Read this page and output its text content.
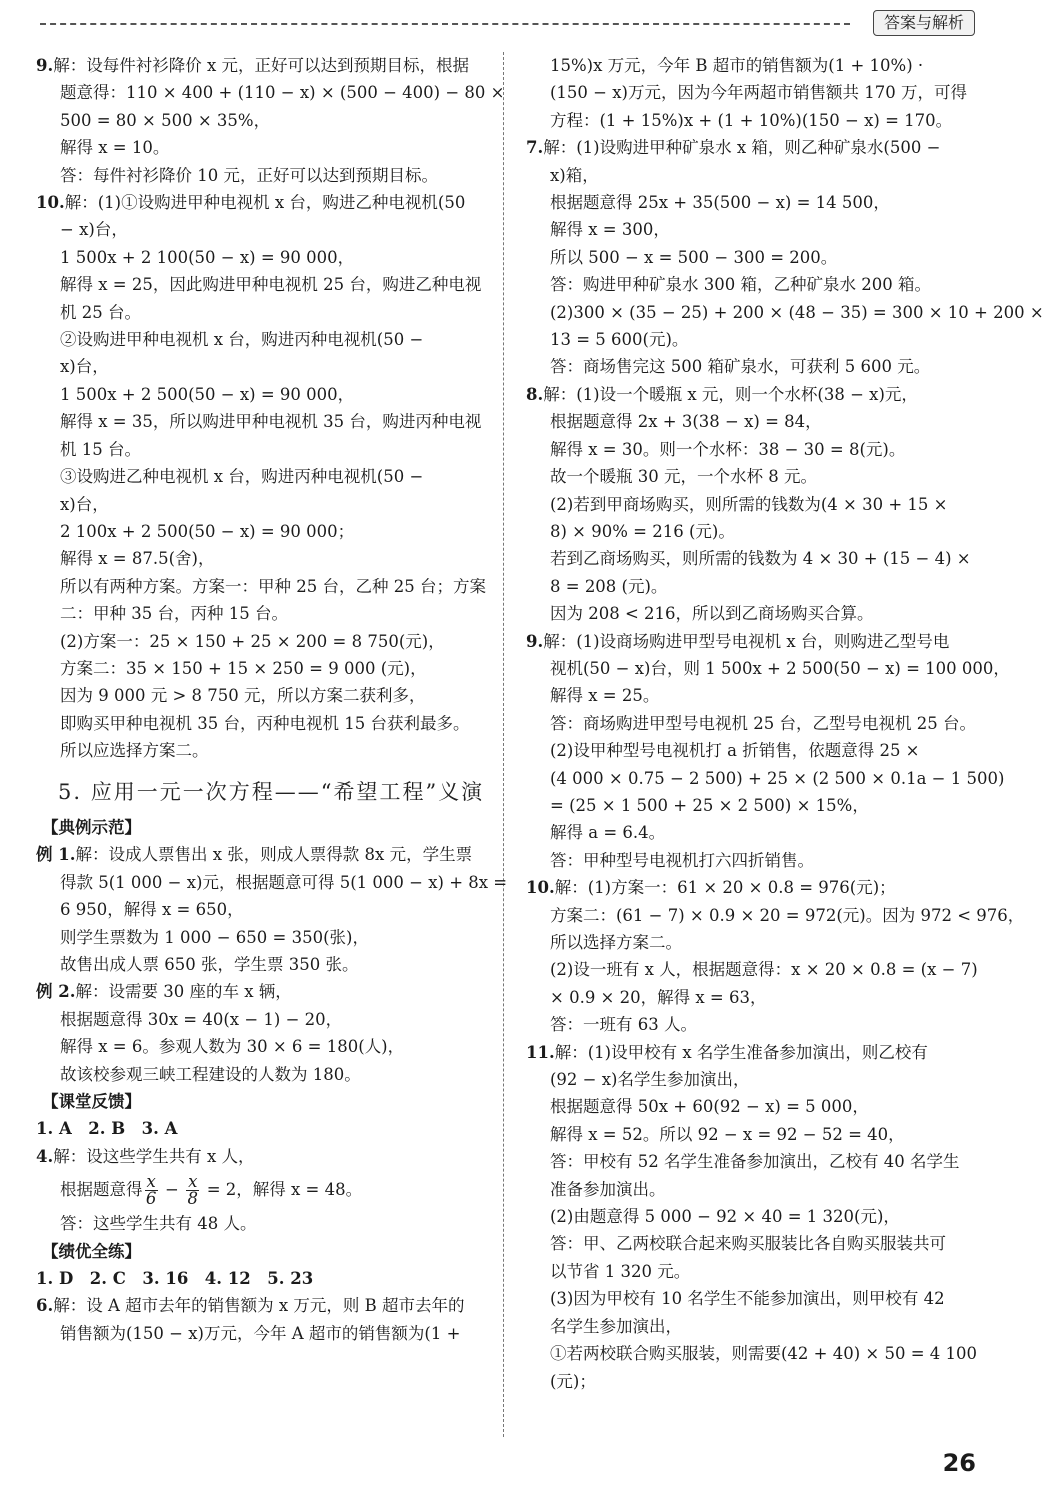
答案与解析
9.解：设每件衬衫降价 x 元，正好可以达到预期目标，根据
题意得：110 × 400 + (110 − x) × (500 − 400) − 80 ×
500 = 80 × 500 × 35%，
解得 x = 10。
答：每件衬衫降价 10 元，正好可以达到预期目标。
10.解：(1)①设购进甲种电视机 x 台，购进乙种电视机(50
− x)台，
1 500x + 2 100(50 − x) = 90 000，
解得 x = 25，因此购进甲种电视机 25 台，购进乙种电视
机 25 台。
②设购进甲种电视机 x 台，购进丙种电视机(50 −
x)台，
1 500x + 2 500(50 − x) = 90 000，
解得 x = 35，所以购进甲种电视机 35 台，购进丙种电视
机 15 台。
③设购进乙种电视机 x 台，购进丙种电视机(50 −
x)台，
2 100x + 2 500(50 − x) = 90 000；
解得 x = 87.5(舍)，
所以有两种方案。方案一：甲种 25 台，乙种 25 台；方案
二：甲种 35 台，丙种 15 台。
(2)方案一：25 × 150 + 25 × 200 = 8 750(元)，
方案二：35 × 150 + 15 × 250 = 9 000 (元)，
因为 9 000 元 > 8 750 元，所以方案二获利多，
即购买甲种电视机 35 台，丙种电视机 15 台获利最多。
所以应选择方案二。
5. 应用一元一次方程——“希望工程”义演
【典例示范】
例 1.解：设成人票售出 x 张，则成人票得款 8x 元，学生票
得款 5(1 000 − x)元，根据题意可得 5(1 000 − x) + 8x =
6 950，解得 x = 650，
则学生票数为 1 000 − 650 = 350(张)，
故售出成人票 650 张，学生票 350 张。
例 2.解：设需要 30 座的车 x 辆，
根据题意得 30x = 40(x − 1) − 20，
解得 x = 6。参观人数为 30 × 6 = 180(人)，
故该校参观三峡工程建设的人数为 180。
【课堂反馈】
1. A　2. B　3. A
4.解：设这些学生共有 x 人，
根据题意得 $\frac{x}{6} - \frac{x}{8} = 2$，解得 x = 48。
答：这些学生共有 48 人。
【绩优全练】
1. D　2. C　3. 16　4. 12　5. 23
6.解：设 A 超市去年的销售额为 x 万元，则 B 超市去年的
销售额为(150 − x)万元，今年 A 超市的销售额为(1 +
15%)x 万元，今年 B 超市的销售额为(1 + 10%) ·
(150 − x)万元，因为今年两超市销售额共 170 万，可得
方程：(1 + 15%)x + (1 + 10%)(150 − x) = 170。
7.解：(1)设购进甲种矿泉水 x 箱，则乙种矿泉水(500 −
x)箱，
根据题意得 25x + 35(500 − x) = 14 500，
解得 x = 300，
所以 500 − x = 500 − 300 = 200。
答：购进甲种矿泉水 300 箱，乙种矿泉水 200 箱。
(2)300 × (35 − 25) + 200 × (48 − 35) = 300 × 10 + 200 ×
13 = 5 600(元)。
答：商场售完这 500 箱矿泉水，可获利 5 600 元。
8.解：(1)设一个暖瓶 x 元，则一个水杯(38 − x)元，
根据题意得 2x + 3(38 − x) = 84，
解得 x = 30。则一个水杯：38 − 30 = 8(元)。
故一个暖瓶 30 元，一个水杯 8 元。
(2)若到甲商场购买，则所需的钱数为(4 × 30 + 15 ×
8) × 90% = 216 (元)。
若到乙商场购买，则所需的钱数为 4 × 30 + (15 − 4) ×
8 = 208 (元)。
因为 208 < 216，所以到乙商场购买合算。
9.解：(1)设商场购进甲型号电视机 x 台，则购进乙型号电
视机(50 − x)台，则 1 500x + 2 500(50 − x) = 100 000，
解得 x = 25。
答：商场购进甲型号电视机 25 台，乙型号电视机 25 台。
(2)设甲种型号电视机打 a 折销售，依题意得 25 ×
(4 000 × 0.75 − 2 500) + 25 × (2 500 × 0.1a − 1 500)
= (25 × 1 500 + 25 × 2 500) × 15%，
解得 a = 6.4。
答：甲种型号电视机打六四折销售。
10.解：(1)方案一：61 × 20 × 0.8 = 976(元)；
方案二：(61 − 7) × 0.9 × 20 = 972(元)。因为 972 < 976，
所以选择方案二。
(2)设一班有 x 人，根据题意得：x × 20 × 0.8 = (x − 7)
× 0.9 × 20，解得 x = 63，
答：一班有 63 人。
11.解：(1)设甲校有 x 名学生准备参加演出，则乙校有
(92 − x)名学生参加演出，
根据题意得 50x + 60(92 − x) = 5 000，
解得 x = 52。所以 92 − x = 92 − 52 = 40，
答：甲校有 52 名学生准备参加演出，乙校有 40 名学生
准备参加演出。
(2)由题意得 5 000 − 92 × 40 = 1 320(元)，
答：甲、乙两校联合起来购买服装比各自购买服装共可
以节省 1 320 元。
(3)因为甲校有 10 名学生不能参加演出，则甲校有 42
名学生参加演出，
①若两校联合购买服装，则需要(42 + 40) × 50 = 4 100
(元)；
26
